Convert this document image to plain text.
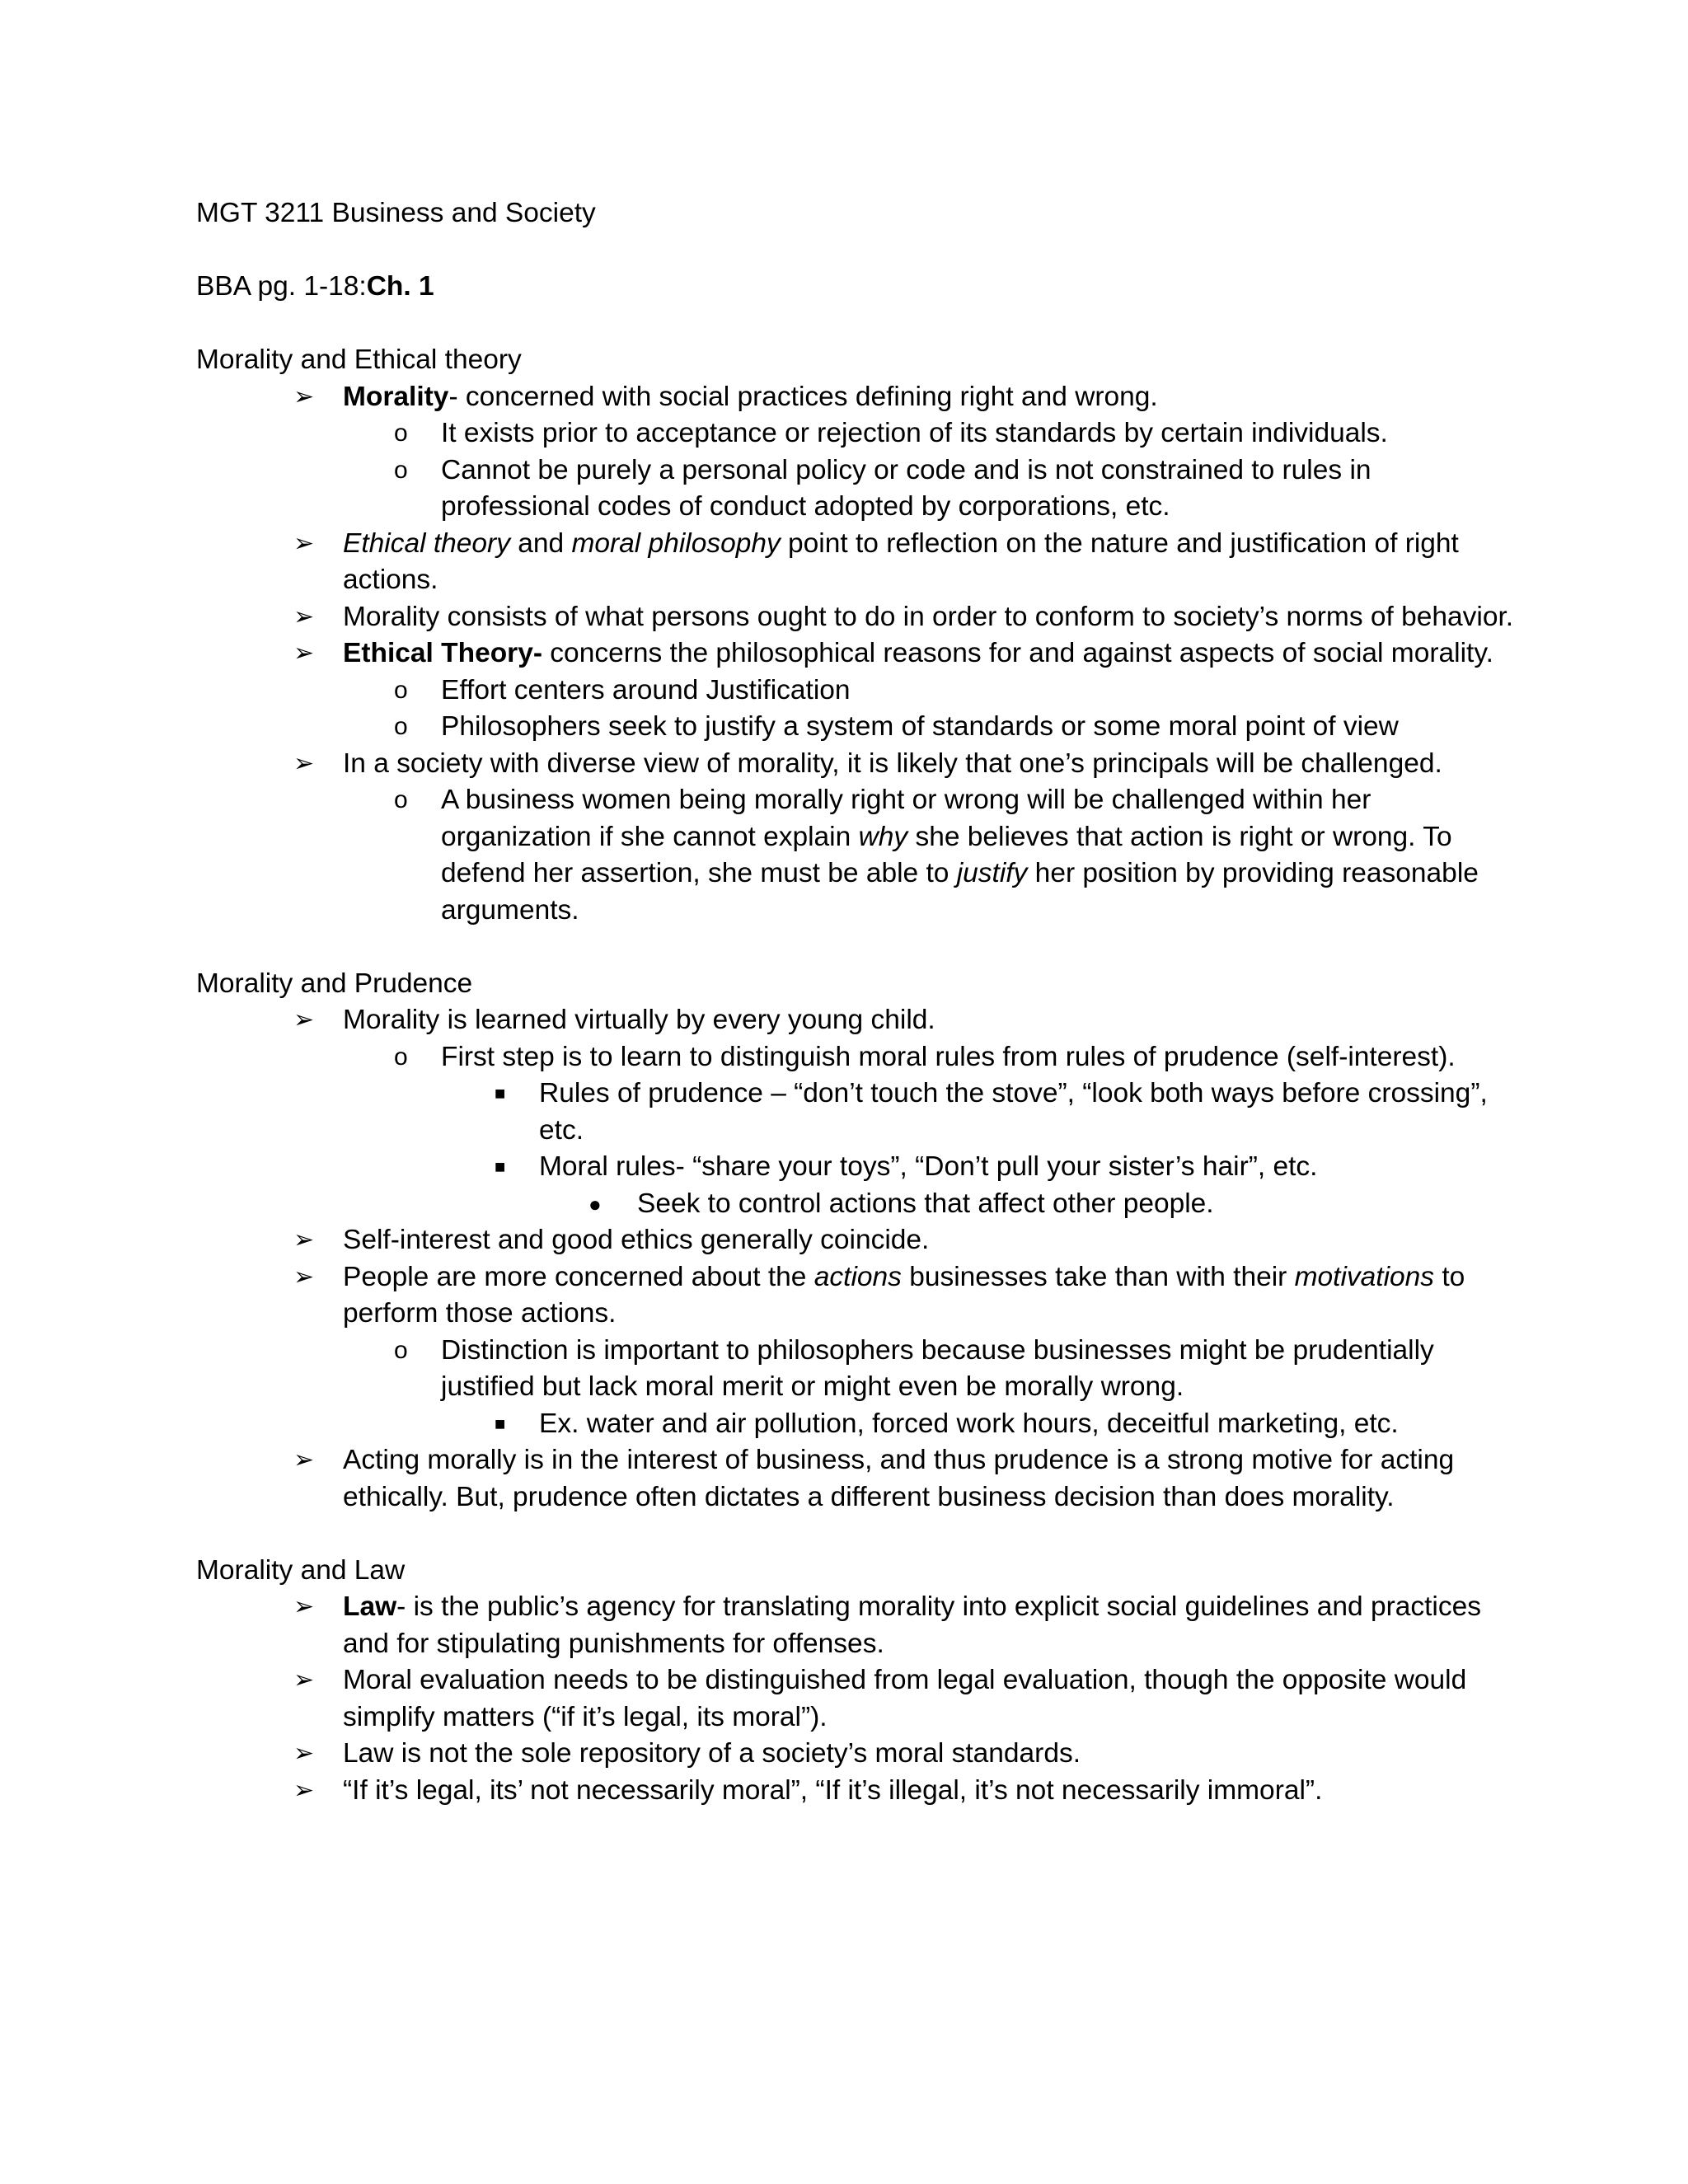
MGT 3211 Business and Society

BBA pg. 1-18:Ch. 1

Morality and Ethical theory

➢ Morality- concerned with social practices defining right and wrong.
o It exists prior to acceptance or rejection of its standards by certain individuals.
o Cannot be purely a personal policy or code and is not constrained to rules in professional codes of conduct adopted by corporations, etc.
➢ Ethical theory and moral philosophy point to reflection on the nature and justification of right actions.
➢ Morality consists of what persons ought to do in order to conform to society’s norms of behavior.
➢ Ethical Theory- concerns the philosophical reasons for and against aspects of social morality.
o Effort centers around Justification
o Philosophers seek to justify a system of standards or some moral point of view
➢ In a society with diverse view of morality, it is likely that one’s principals will be challenged.
o A business women being morally right or wrong will be challenged within her organization if she cannot explain why she believes that action is right or wrong. To defend her assertion, she must be able to justify her position by providing reasonable arguments.

Morality and Prudence

➢ Morality is learned virtually by every young child.
o First step is to learn to distinguish moral rules from rules of prudence (self-interest).
■ Rules of prudence – “don’t touch the stove”, “look both ways before crossing”, etc.
■ Moral rules- “share your toys”, “Don’t pull your sister’s hair”, etc.
● Seek to control actions that affect other people.
➢ Self-interest and good ethics generally coincide.
➢ People are more concerned about the actions businesses take than with their motivations to perform those actions.
o Distinction is important to philosophers because businesses might be prudentially justified but lack moral merit or might even be morally wrong.
■ Ex. water and air pollution, forced work hours, deceitful marketing, etc.
➢ Acting morally is in the interest of business, and thus prudence is a strong motive for acting ethically. But, prudence often dictates a different business decision than does morality.

Morality and Law

➢ Law- is the public’s agency for translating morality into explicit social guidelines and practices and for stipulating punishments for offenses.
➢ Moral evaluation needs to be distinguished from legal evaluation, though the opposite would simplify matters (“if it’s legal, its moral”).
➢ Law is not the sole repository of a society’s moral standards.
➢ “If it’s legal, its’ not necessarily moral”, “If it’s illegal, it’s not necessarily immoral”.
